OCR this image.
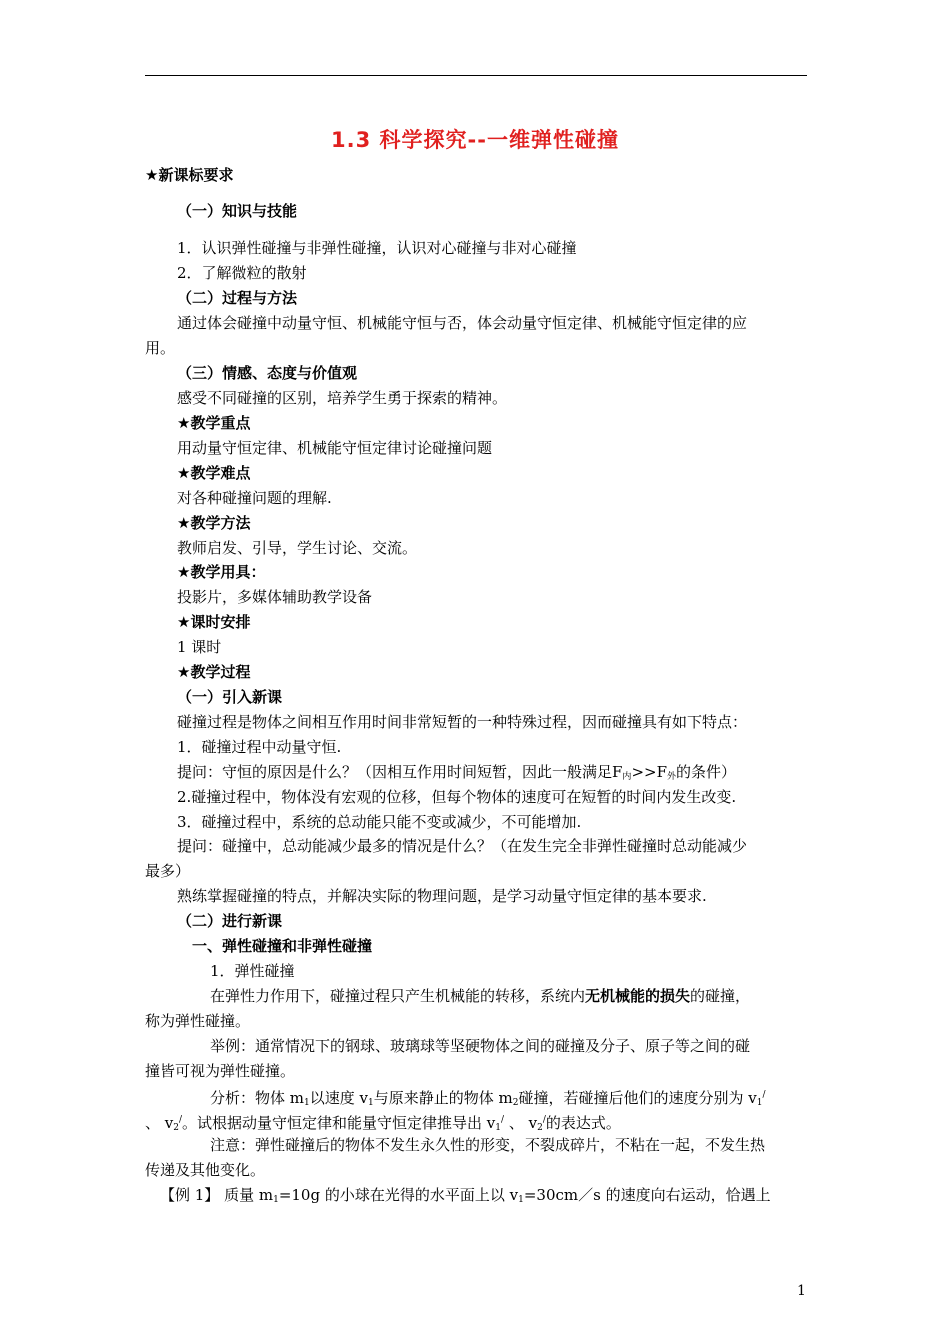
1.3 科学探究--一维弹性碰撞
★新课标要求
（一）知识与技能
1．认识弹性碰撞与非弹性碰撞，认识对心碰撞与非对心碰撞
2．了解微粒的散射
（二）过程与方法
通过体会碰撞中动量守恒、机械能守恒与否，体会动量守恒定律、机械能守恒定律的应
用。
（三）情感、态度与价值观
感受不同碰撞的区别，培养学生勇于探索的精神。
★教学重点
用动量守恒定律、机械能守恒定律讨论碰撞问题
★教学难点
对各种碰撞问题的理解.
★教学方法
教师启发、引导，学生讨论、交流。
★教学用具：
投影片，多媒体辅助教学设备
★课时安排
1 课时
★教学过程
（一）引入新课
碰撞过程是物体之间相互作用时间非常短暂的一种特殊过程，因而碰撞具有如下特点：
1．碰撞过程中动量守恒.
提问：守恒的原因是什么？（因相互作用时间短暂，因此一般满足$F_内>>F_外$的条件）
2.碰撞过程中，物体没有宏观的位移，但每个物体的速度可在短暂的时间内发生改变.
3．碰撞过程中，系统的总动能只能不变或减少，不可能增加.
提问：碰撞中，总动能减少最多的情况是什么？（在发生完全非弹性碰撞时总动能减少
最多）
熟练掌握碰撞的特点，并解决实际的物理问题，是学习动量守恒定律的基本要求.
（二）进行新课
一、弹性碰撞和非弹性碰撞
1．弹性碰撞
在弹性力作用下，碰撞过程只产生机械能的转移，系统内无机械能的损失的碰撞，
称为弹性碰撞。
举例：通常情况下的钢球、玻璃球等坚硬物体之间的碰撞及分子、原子等之间的碰
撞皆可视为弹性碰撞。
分析：物体 $m_1$以速度 $v_1$与原来静止的物体 $m_2$碰撞，若碰撞后他们的速度分别为 $v_1^/$
、 $v_2^/$。试根据动量守恒定律和能量守恒定律推导出 $v_1^/$ 、 $v_2^/$的表达式。
注意：弹性碰撞后的物体不发生永久性的形变，不裂成碎片，不粘在一起，不发生热
传递及其他变化。
【例 1】 质量 $m_1=10g$ 的小球在光得的水平面上以 $v_1=30cm/s$ 的速度向右运动，恰遇上
1
